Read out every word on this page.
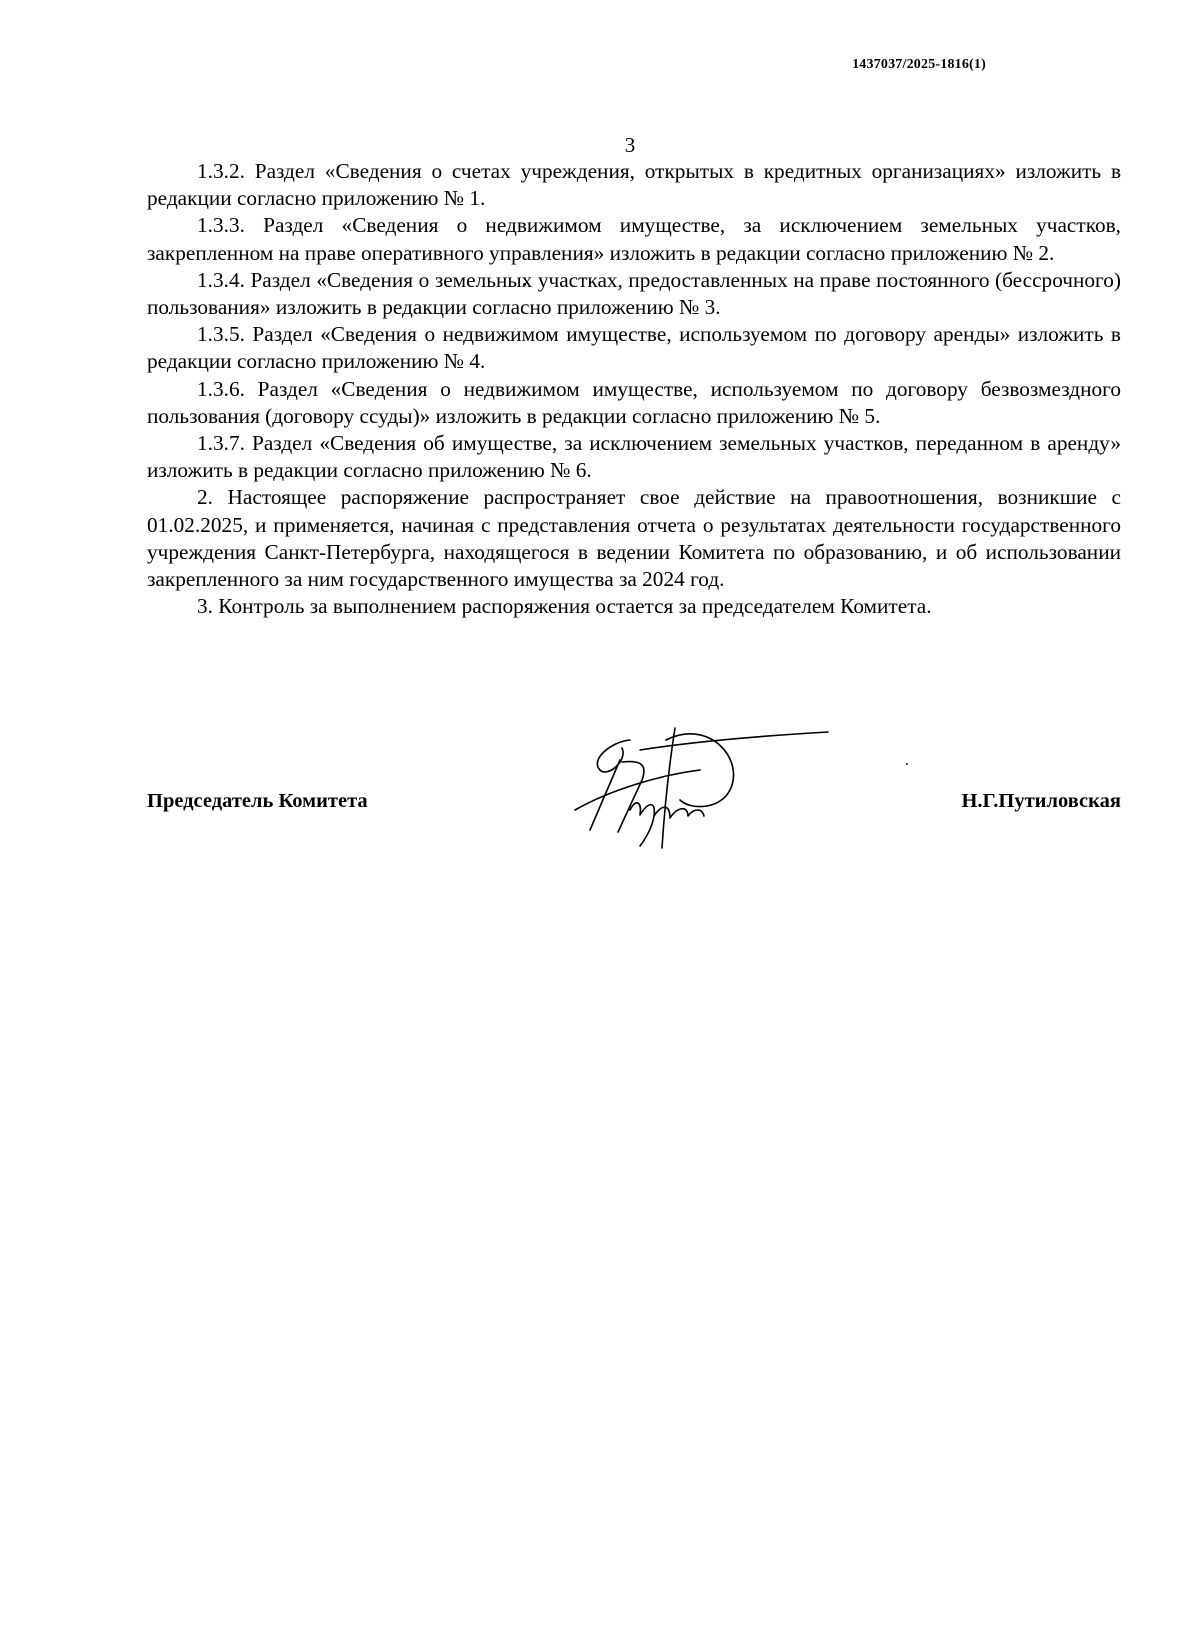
1437037/2025-1816(1)
3

1.3.2. Раздел «Сведения о счетах учреждения, открытых в кредитных организациях» изложить в редакции согласно приложению № 1.

1.3.3. Раздел «Сведения о недвижимом имуществе, за исключением земельных участков, закрепленном на праве оперативного управления» изложить в редакции согласно приложению № 2.

1.3.4. Раздел «Сведения о земельных участках, предоставленных на праве постоянного (бессрочного) пользования» изложить в редакции согласно приложению № 3.

1.3.5. Раздел «Сведения о недвижимом имуществе, используемом по договору аренды» изложить в редакции согласно приложению № 4.

1.3.6. Раздел «Сведения о недвижимом имуществе, используемом по договору безвозмездного пользования (договору ссуды)» изложить в редакции согласно приложению № 5.

1.3.7. Раздел «Сведения об имуществе, за исключением земельных участков, переданном в аренду» изложить в редакции согласно приложению № 6.

2. Настоящее распоряжение распространяет свое действие на правоотношения, возникшие с 01.02.2025, и применяется, начиная с представления отчета о результатах деятельности государственного учреждения Санкт-Петербурга, находящегося в ведении Комитета по образованию, и об использовании закрепленного за ним государственного имущества за 2024 год.

3. Контроль за выполнением распоряжения остается за председателем Комитета.

Председатель Комитета	Н.Г.Путиловская
